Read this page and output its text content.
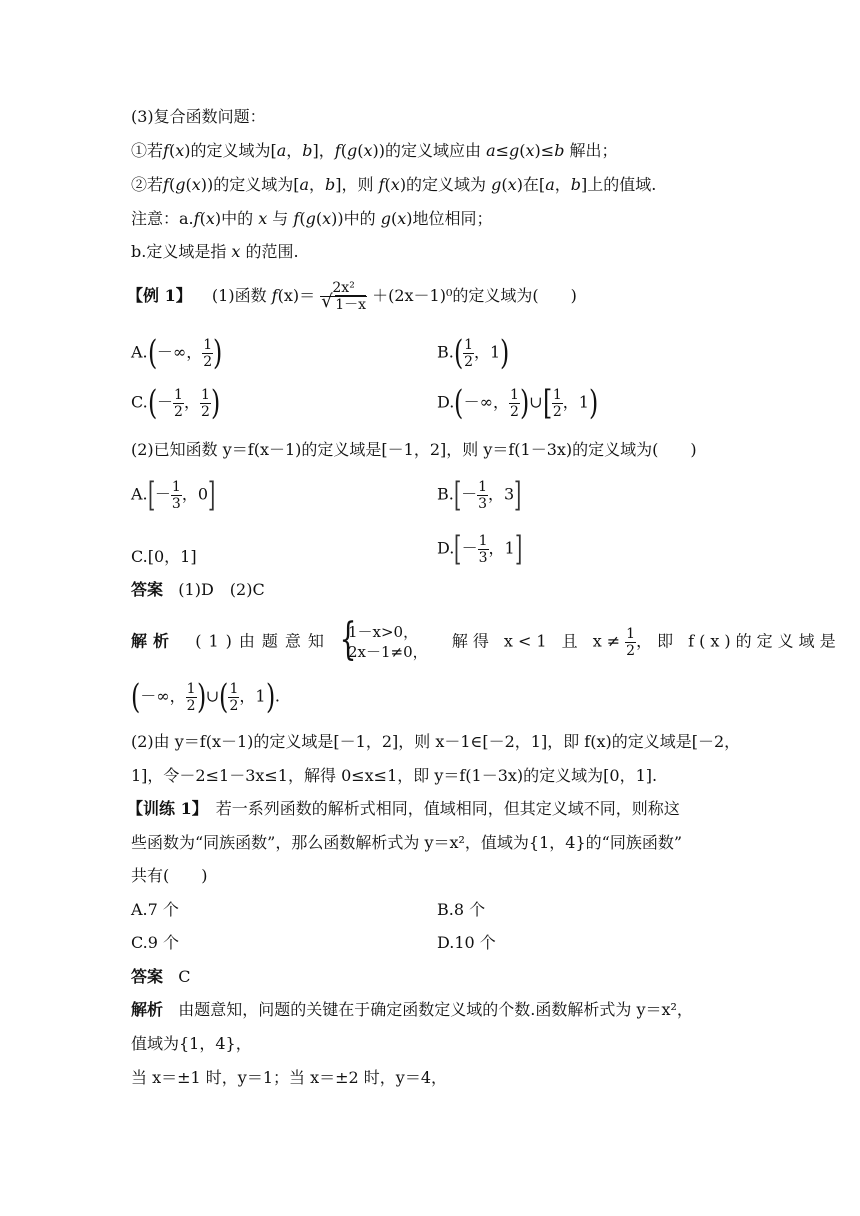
(3)复合函数问题：
①若f(x)的定义域为[a，b]，f(g(x))的定义域应由 a≤g(x)≤b 解出；
②若f(g(x))的定义域为[a，b]，则 f(x)的定义域为 g(x)在[a，b]上的值域.
注意：a.f(x)中的 x 与 f(g(x))中的 g(x)地位相同；
b.定义域是指 x 的范围.
【例 1】 (1)函数 $f(x)= \frac{\text{2x²}}{√ 1-x} +(2x-1)^0$的定义域为(　　)
A.(－∞， $\frac{1}{2}$ )	$B.( \frac{1}{2}$ ，1)
$C.(- \frac{1}{2}$ ， $\frac{1}{2}$ )	D.(－∞， $\frac{1}{2}$ )∪[ $\frac{1}{2}$ ，1)
(2)已知函数 y＝f(x－1)的定义域是[－1，2]，则 y＝f(1－3x)的定义域为(　　)
$A.[- \frac{1}{3}$ ，0]	$B.[- \frac{1}{3}$ ，3]
C.[0，1]	$D.[- \frac{1}{3}$ ，1]
答案 (1)D　(2)C
解析 (1)由题意知 {
1－x>0，
2x－1≠0，
解得 x<1 且 $x\ne \frac{1}{2}$ ，即 f(x)的定义域是
(－∞， $\frac{1}{2}$ )∪( $\frac{1}{2}$ ，1).
(2)由 y＝f(x－1)的定义域是[－1，2]，则 x－1∈[－2，1]，即 f(x)的定义域是[－2，
1]，令－2≤1－3x≤1，解得 0≤x≤1，即 y＝f(1－3x)的定义域为[0，1].
【训练 1】　若一系列函数的解析式相同，值域相同，但其定义域不同，则称这
些函数为“同族函数”，那么函数解析式为 y＝x²，值域为{1，4}的“同族函数”
共有(　　)
A.7 个	B.8 个
C.9 个	D.10 个
答案 C
解析 由题意知，问题的关键在于确定函数定义域的个数.函数解析式为 y＝x²，
值域为{1，4}，
当 x＝±1 时，y＝1；当 x＝±2 时，y＝4，
